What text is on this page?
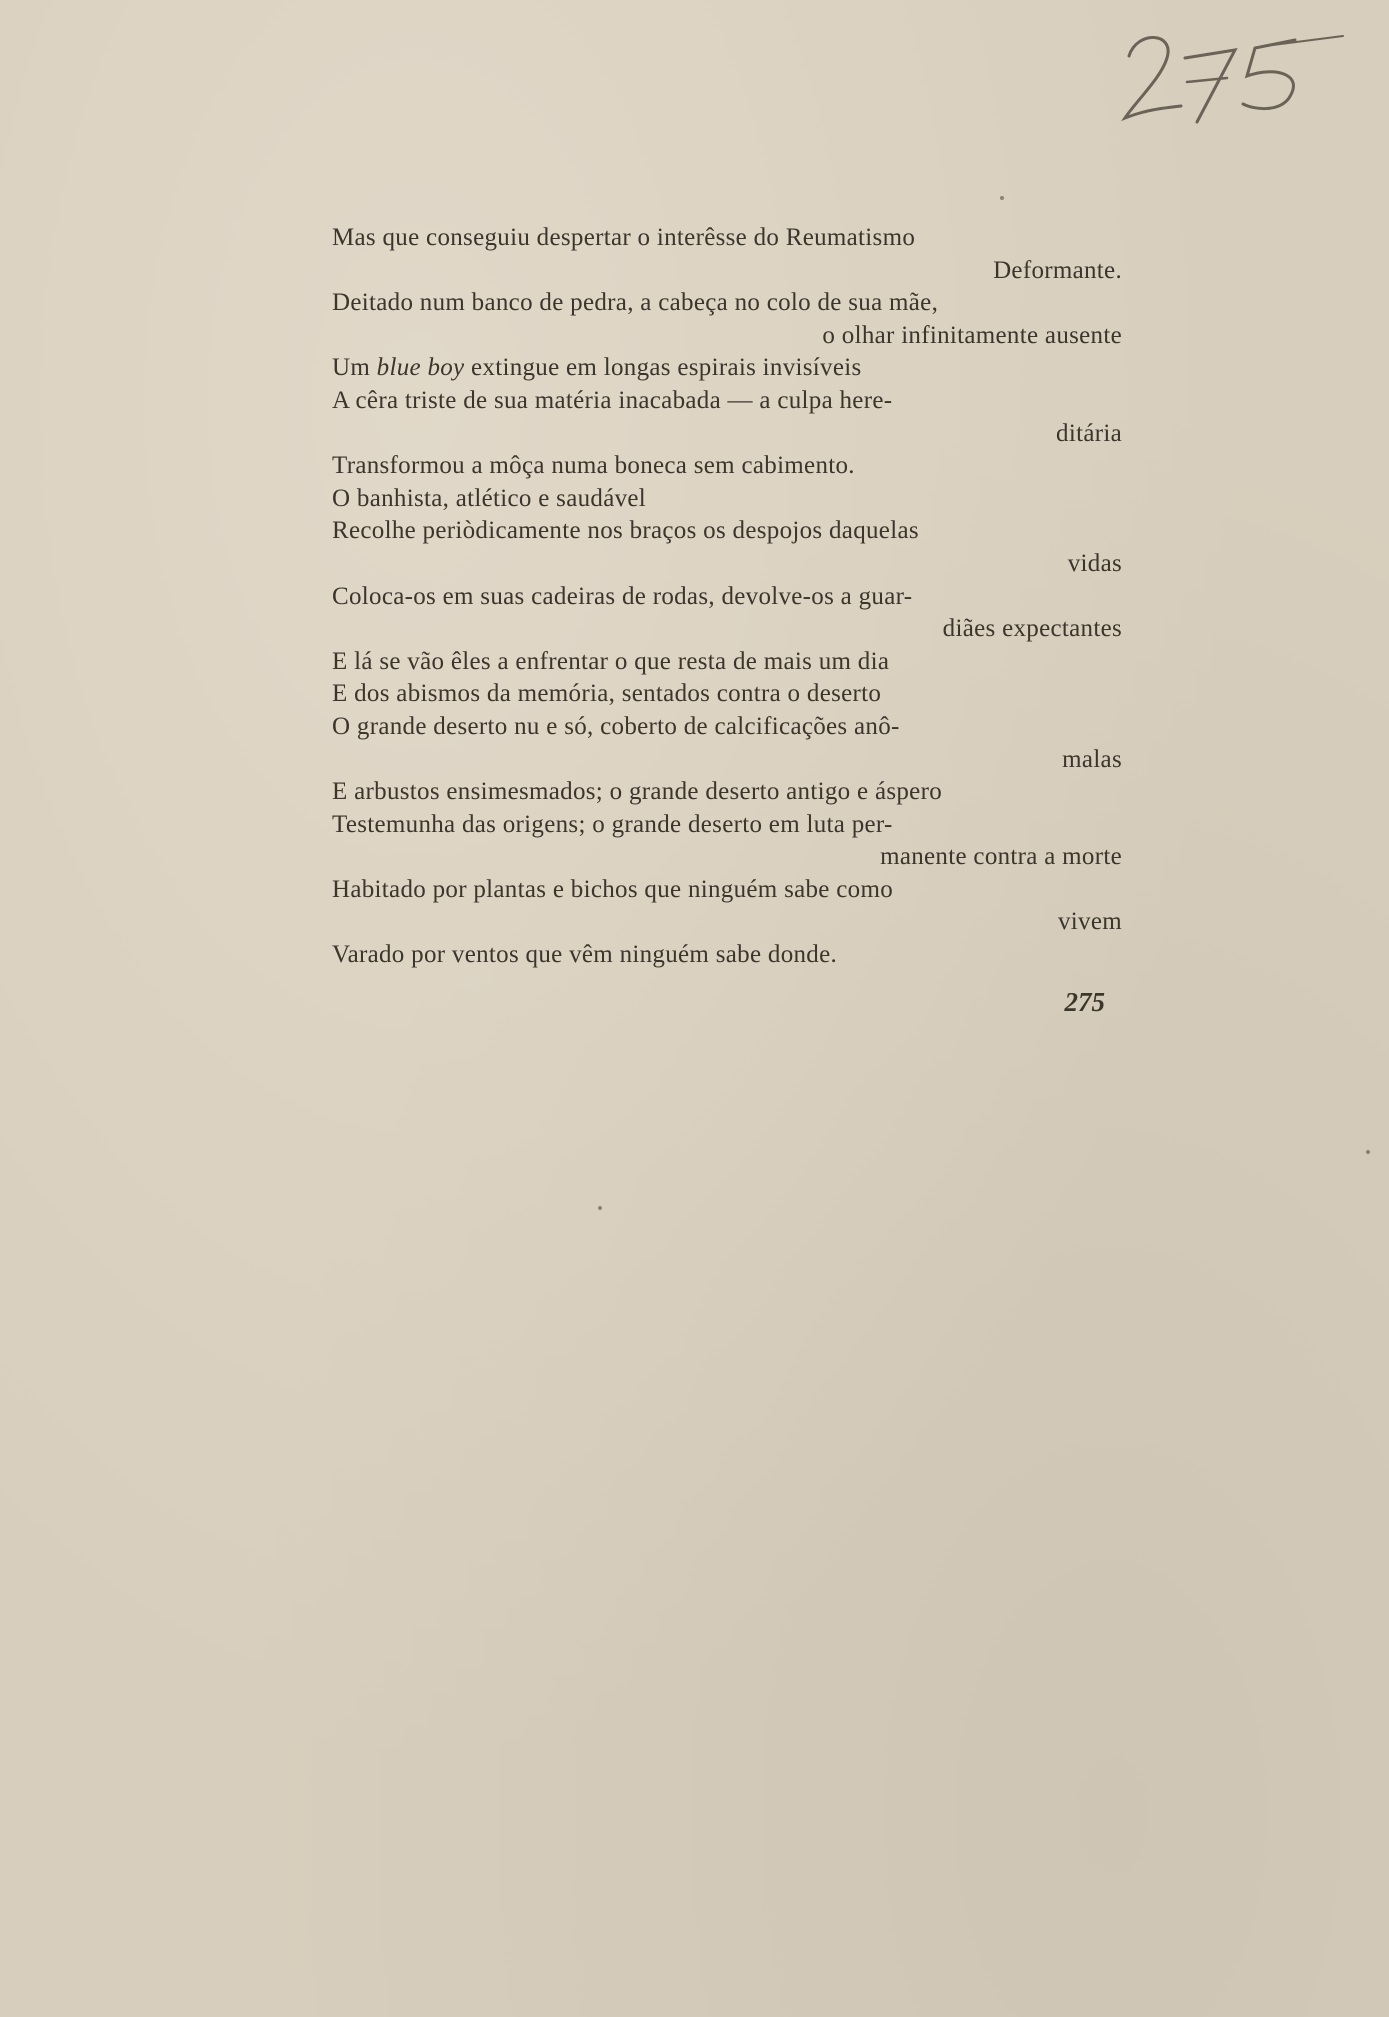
Mas que conseguiu despertar o interêsse do Reumatismo
Deformante.
Deitado num banco de pedra, a cabeça no colo de sua mãe,
o olhar infinitamente ausente
Um blue boy extingue em longas espirais invisíveis
A cêra triste de sua matéria inacabada — a culpa here-
ditária
Transformou a môça numa boneca sem cabimento.
O banhista, atlético e saudável
Recolhe periòdicamente nos braços os despojos daquelas
vidas
Coloca-os em suas cadeiras de rodas, devolve-os a guar-
diães expectantes
E lá se vão êles a enfrentar o que resta de mais um dia
E dos abismos da memória, sentados contra o deserto
O grande deserto nu e só, coberto de calcificações anô-
malas
E arbustos ensimesmados; o grande deserto antigo e áspero
Testemunha das origens; o grande deserto em luta per-
manente contra a morte
Habitado por plantas e bichos que ninguém sabe como
vivem
Varado por ventos que vêm ninguém sabe donde.
275
